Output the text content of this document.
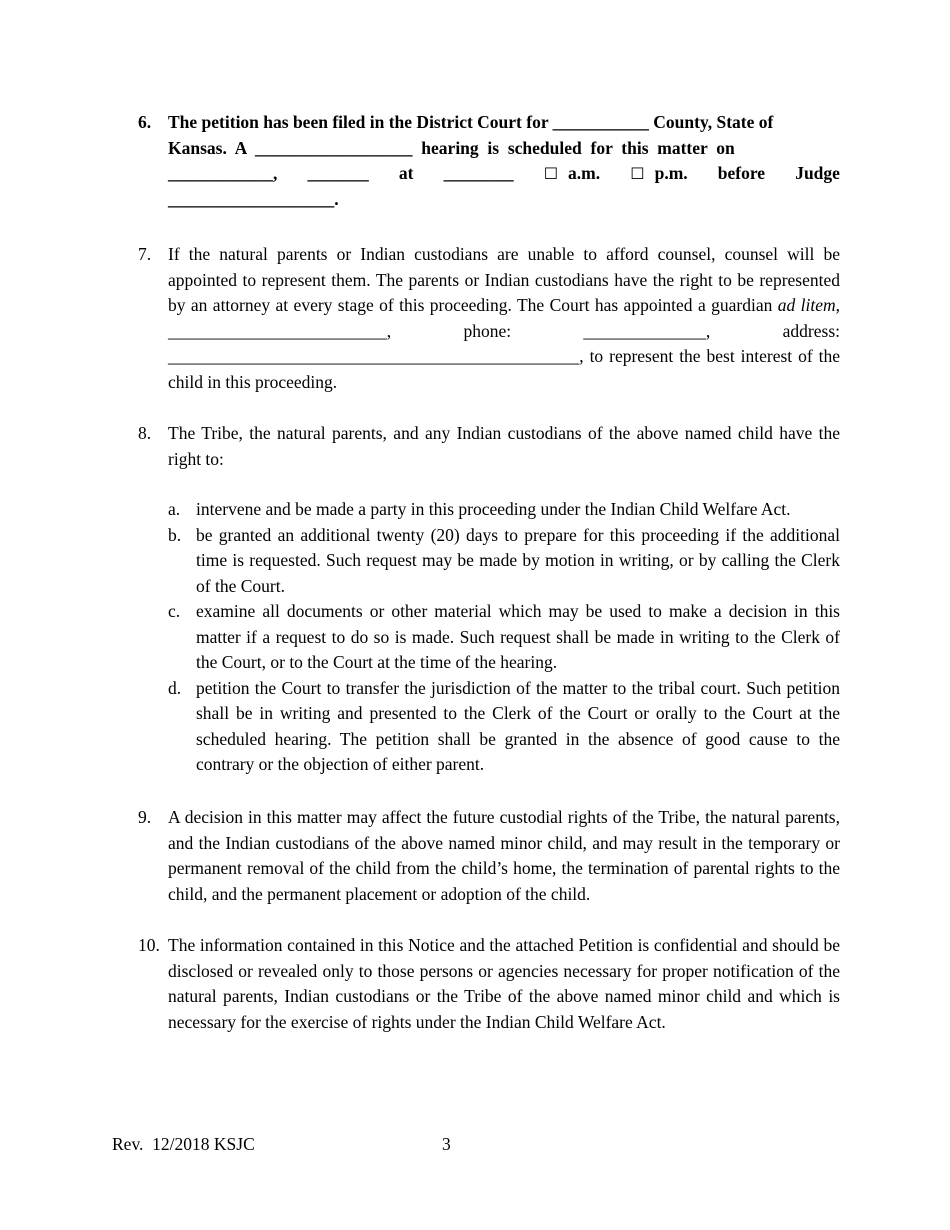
6. The petition has been filed in the District Court for ___________ County, State of
Kansas.  A  __________________  hearing  is  scheduled  for  this  matter  on
____________, _______ at ________ ☐ a.m. ☐ p.m. before Judge
___________________.
7. If the natural parents or Indian custodians are unable to afford counsel, counsel will be appointed to represent them. The parents or Indian custodians have the right to be represented by an attorney at every stage of this proceeding. The Court has appointed a guardian ad litem, _________________________, phone: ______________, address: _______________________________________________, to represent the best interest of the child in this proceeding.
8. The Tribe, the natural parents, and any Indian custodians of the above named child have the right to:
a. intervene and be made a party in this proceeding under the Indian Child Welfare Act.
b. be granted an additional twenty (20) days to prepare for this proceeding if the additional time is requested. Such request may be made by motion in writing, or by calling the Clerk of the Court.
c. examine all documents or other material which may be used to make a decision in this matter if a request to do so is made. Such request shall be made in writing to the Clerk of the Court, or to the Court at the time of the hearing.
d. petition the Court to transfer the jurisdiction of the matter to the tribal court. Such petition shall be in writing and presented to the Clerk of the Court or orally to the Court at the scheduled hearing. The petition shall be granted in the absence of good cause to the contrary or the objection of either parent.
9. A decision in this matter may affect the future custodial rights of the Tribe, the natural parents, and the Indian custodians of the above named minor child, and may result in the temporary or permanent removal of the child from the child’s home, the termination of parental rights to the child, and the permanent placement or adoption of the child.
10. The information contained in this Notice and the attached Petition is confidential and should be disclosed or revealed only to those persons or agencies necessary for proper notification of the natural parents, Indian custodians or the Tribe of the above named minor child and which is necessary for the exercise of rights under the Indian Child Welfare Act.
Rev.  12/2018 KSJC	3
